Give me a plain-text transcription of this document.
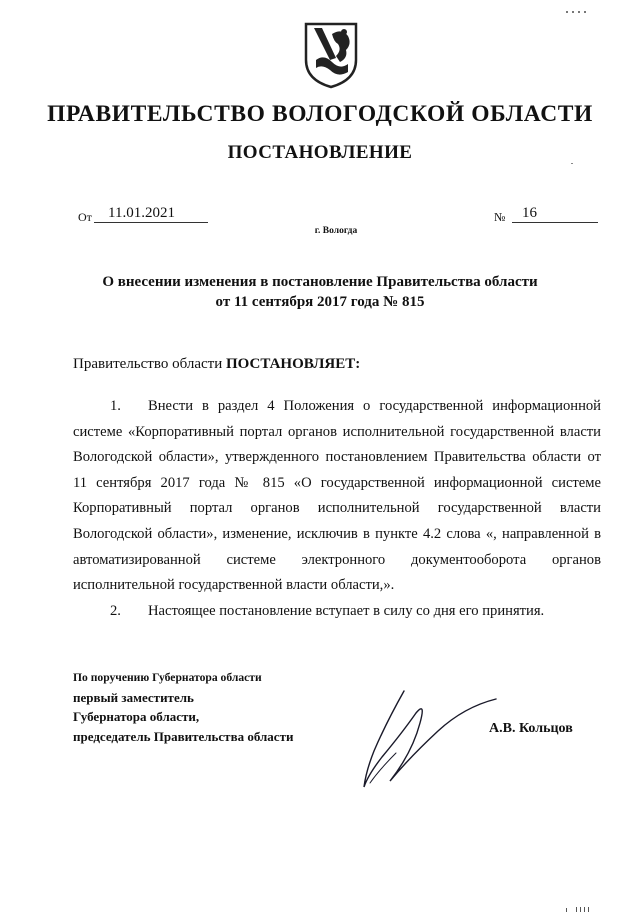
ПРАВИТЕЛЬСТВО ВОЛОГОДСКОЙ ОБЛАСТИ
ПОСТАНОВЛЕНИЕ
От 11.01.2021	№ 16
г. Вологда
О внесении изменения в постановление Правительства области
от 11 сентября 2017 года № 815
Правительство области ПОСТАНОВЛЯЕТ:

1. Внести в раздел 4 Положения о государственной информационной системе «Корпоративный портал органов исполнительной государственной власти Вологодской области», утвержденного постановлением Правительства области от 11 сентября 2017 года № 815 «О государственной информационной системе Корпоративный портал органов исполнительной государственной власти Вологодской области», изменение, исключив в пункте 4.2 слова «, направленной в автоматизированной системе электронного документооборота органов исполнительной государственной власти области,».

2. Настоящее постановление вступает в силу со дня его принятия.

По поручению Губернатора области
первый заместитель
Губернатора области,
председатель Правительства области	А.В. Кольцов
